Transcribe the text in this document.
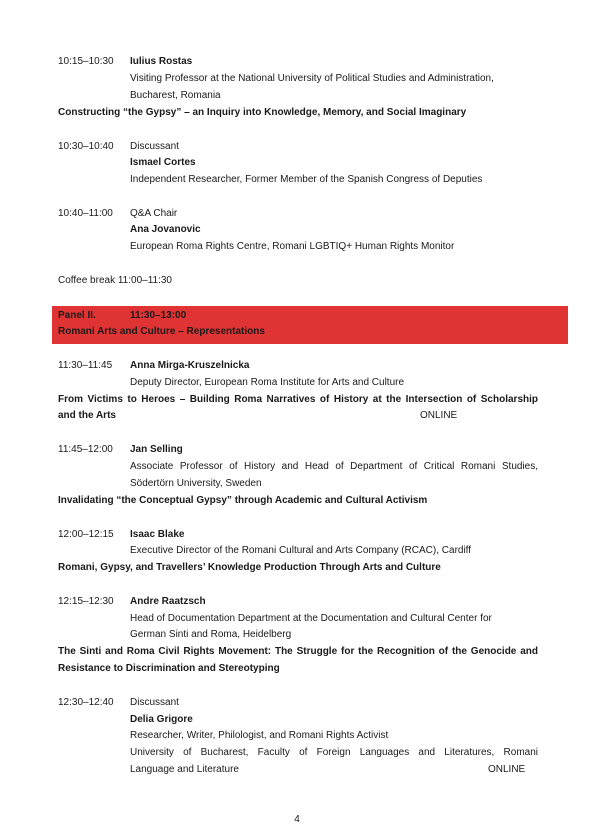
10:15–10:30 Iulius Rostas
Visiting Professor at the National University of Political Studies and Administration,
Bucharest, Romania
Constructing “the Gypsy” – an Inquiry into Knowledge, Memory, and Social Imaginary
10:30–10:40 Discussant
Ismael Cortes
Independent Researcher, Former Member of the Spanish Congress of Deputies
10:40–11:00 Q&A Chair
Ana Jovanovic
European Roma Rights Centre, Romani LGBTIQ+ Human Rights Monitor
Coffee break 11:00–11:30
Panel II.	11:30–13:00
Romani Arts and Culture – Representations
11:30–11:45 Anna Mirga-Kruszelnicka
Deputy Director, European Roma Institute for Arts and Culture
From Victims to Heroes – Building Roma Narratives of History at the Intersection of Scholarship
and the Arts	ONLINE
11:45–12:00 Jan Selling
Associate Professor of History and Head of Department of Critical Romani Studies,
Södertörn University, Sweden
Invalidating “the Conceptual Gypsy” through Academic and Cultural Activism
12:00–12:15 Isaac Blake
Executive Director of the Romani Cultural and Arts Company (RCAC), Cardiff
Romani, Gypsy, and Travellers’ Knowledge Production Through Arts and Culture
12:15–12:30 Andre Raatzsch
Head of Documentation Department at the Documentation and Cultural Center for
German Sinti and Roma, Heidelberg
The Sinti and Roma Civil Rights Movement: The Struggle for the Recognition of the Genocide and
Resistance to Discrimination and Stereotyping
12:30–12:40 Discussant
Delia Grigore
Researcher, Writer, Philologist, and Romani Rights Activist
University of Bucharest, Faculty of Foreign Languages and Literatures, Romani
Language and Literature	ONLINE
4
